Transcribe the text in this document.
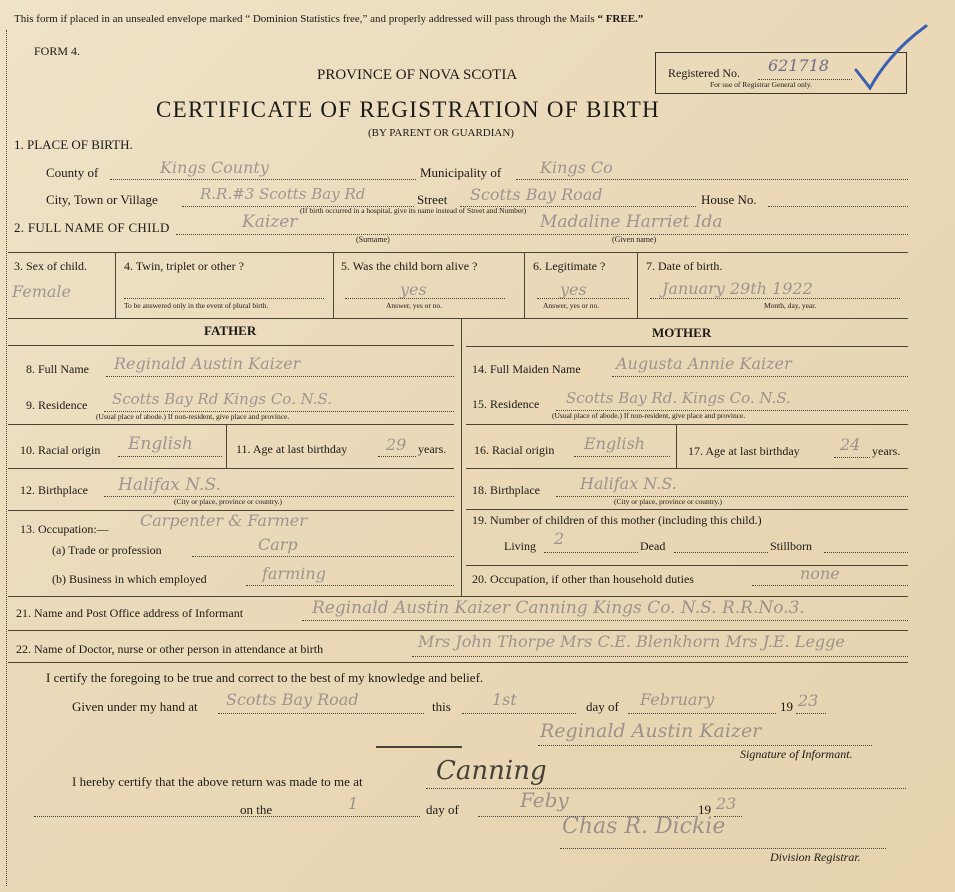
This form if placed in an unsealed envelope marked “ Dominion Statistics free,” and properly addressed will pass through the Mails “ FREE.”
FORM 4.
PROVINCE OF NOVA SCOTIA
CERTIFICATE OF REGISTRATION OF BIRTH
(BY PARENT OR GUARDIAN)
Registered No. 621718
For use of Registrar General only.
1. PLACE OF BIRTH.
County of	Kings County	Municipality of Kings Co
City, Town or Village	R.R.#3 Scotts Bay Rd	Street Scotts Bay Road
(If birth occurred in a hospital, give its name instead of Street and Number)
House No.
2. FULL NAME OF CHILD	Kaizer	Madaline Harriet Ida
(Surname)	(Given name)
3. Sex of child.
Female
4. Twin, triplet or other ?
To be answered only in the event of plural birth.
5. Was the child born alive ?
yes
Answer, yes or no.
6. Legitimate ?
yes
Answer, yes or no.
7. Date of birth.
January 29th 1922
Month, day, year.
FATHER	MOTHER
8. Full Name Reginald Austin Kaizer
9. Residence Scotts Bay Rd Kings Co. N.S.
(Usual place of abode.) If non-resident, give place and province.
10. Racial origin English	11. Age at last birthday 29 years.
12. Birthplace Halifax N.S.
(City or place, province or country.)
13. Occupation:— Carpenter & Farmer
(a) Trade or profession	Carp
(b) Business in which employed	farming
14. Full Maiden Name Augusta Annie Kaizer
15. Residence Scotts Bay Rd. Kings Co. N.S.
(Usual place of abode.) If non-resident, give place and province.
16. Racial origin English	17. Age at last birthday	24 years.
18. Birthplace	Halifax N.S.
(City or place, province or country.)
19. Number of children of this mother (including this child.)
Living 2	Dead	Stillborn
20. Occupation, if other than household duties	none
21. Name and Post Office address of Informant	Reginald Austin Kaizer Canning Kings Co. N.S. R.R.No.3.
22. Name of Doctor, nurse or other person in attendance at birth	Mrs John Thorpe Mrs C.E. Blenkhorn Mrs J.E. Legge
I certify the foregoing to be true and correct to the best of my knowledge and belief.
Given under my hand at Scotts Bay Road	this	1st	day of February	19 23
Reginald Austin Kaizer
Signature of Informant.
I hereby certify that the above return was made to me at	Canning
on the	1	day of	Feby	19 23
Chas R. Dickie
Division Registrar.
